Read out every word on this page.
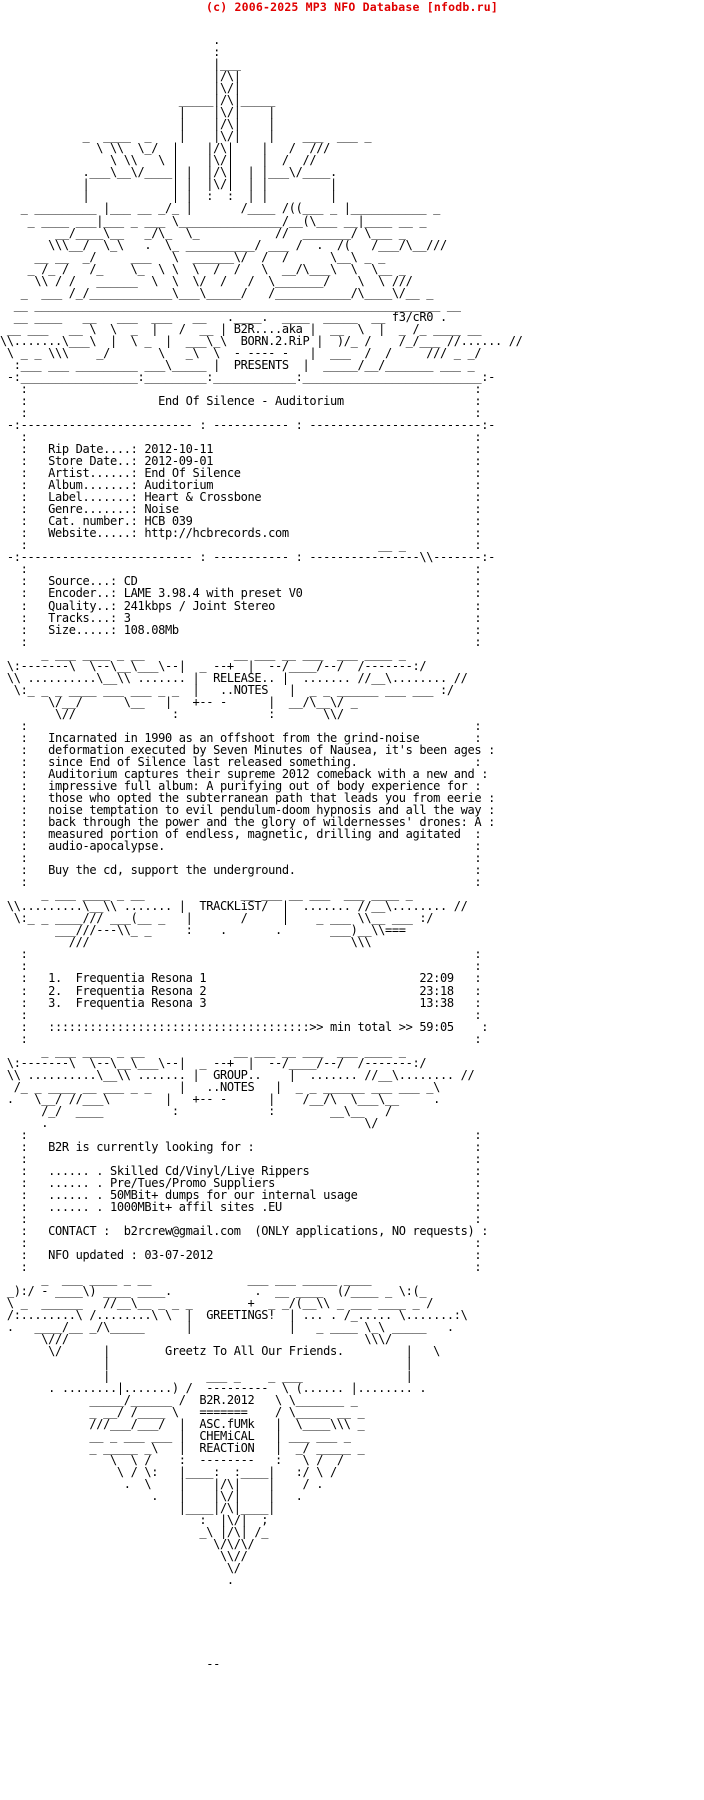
(c) 2006-2025 MP3 NFO Database [nfodb.ru]

.
:
|___
|/\|
|\/|
_____|/\|_____
|    |\/|    |
|    |/\|    |
_  ____  _    |    |\/|    |    ___  ___ _
\ \\  \_/  |    |/\|    |   /  ///
\ \\   \ |    |\/|    |  /  //
.___\__\/____| |  |/\|  | |___\/____.
|            | |  |\/|  | |         |
|            | |  :  :  | |         |
_ _________ |___ __ _/_ |       /____ /((___ _ |___________ _
_ ____ ___|___ _ ___ \_______________/__(\___ __|____ __ _
__/____\__   _/\_  \_           //  _______/ \___ _
\\\__/  \_\   .  \_ __________/ ___ /  .  /(   /___/\__///
__ __  _/     ___   \  ______\/  /  /      \__\ _ _
_ /_ /   /_    \_  \ \  \  /  /   \  __/\___\  \  \__ _
\\ / /   ______  \  \  \/  /   /  \_______/    \  \ ///
_  ___ /_/____________\___\_____/   /___________/\____\/__ _
__ ___________________________________________________________ __
__ ____   __   ___  ___   __   .____.  ____  _____  __ f3/cR0 .
__ ___   __ \  \  _  |   /  __ | B2R....aka |  __  \  |  _ /_ ____ __
\\.......\___\  |  \ _  |  ___\_\  BORN.2.RiP |  )/_ /    /_/___ //...... //
\ _ _ \\\    _/       \   _\  \  - ---- -   |  ___  /  /     /// _ _/
:___ ___ _________ ___\_____ |  PRESENTS  |  _____/__/_______ ___ _
-:_________________:_________:____________:__________________________:-
:                                                                 :
:                   End Of Silence - Auditorium                   :
:                                                                 :
-:------------------------- : ----------- : -------------------------:-
:                                                                 :
:   Rip Date....: 2012-10-11                                      :
:   Store Date..: 2012-09-01                                      :
:   Artist......: End Of Silence                                  :
:   Album.......: Auditorium                                      :
:   Label.......: Heart & Crossbone                               :
:   Genre.......: Noise                                           :
:   Cat. number.: HCB 039                                         :
:   Website.....: http://hcbrecords.com                           :
:                                                   __ _          :
-:------------------------- : ----------- : ----------------\\-------:-
:                                                                 :
:   Source...: CD                                                 :
:   Encoder..: LAME 3.98.4 with preset V0                         :
:   Quality..: 241kbps / Joint Stereo                             :
:   Tracks...: 3                                                  :
:   Size.....: 108.08Mb                                           :
:                                                                 :
_ ___ ____ _ __             __ ___ __ ___  ___ ____ _
\:-------\  \--\__\___\--|  _ --+  |  --/____/--/  /-------:/
\\ ..........\__\\ ....... |  RELEASE.. |  ....... //__\........ //
\:_ _ _ ____ ___ ___ _ _  |   ..NOTES   |  _ _ ______ ___ ___ :/
\/__/      \__   |   +-- -      |  __/\__\/ _
\//              :             :       \\/
:                                                                 :
:   Incarnated in 1990 as an offshoot from the grind-noise        :
:   deformation executed by Seven Minutes of Nausea, it's been ages :
:   since End of Silence last released something.                 :
:   Auditorium captures their supreme 2012 comeback with a new and :
:   impressive full album: A purifying out of body experience for :
:   those who opted the subterranean path that leads you from eerie :
:   noise temptation to evil pendulum-doom hypnosis and all the way :
:   back through the power and the glory of wildernesses' drones: A :
:   measured portion of endless, magnetic, drilling and agitated  :
:   audio-apocalypse.                                             :
:                                                                 :
:   Buy the cd, support the underground.                          :
:                                                                 :
_ ___ ____ _ __              __ ___ __ ___  ___ ____ _
\\.........\__\\ ....... |  TRACKLiST/  |  ....... //__\........ //
\:_ _ ____/// ___(__ _   |       /     |    _ ___ \\__ ___ :/
___///---\\_ _     :    .       .       ___)__\\===
///                                      \\\
:                                                                 :
:                                                                 :
:   1.  Frequentia Resona 1                               22:09   :
:   2.  Frequentia Resona 2                               23:18   :
:   3.  Frequentia Resona 3                               13:38   :
:                                                                 :
:   ::::::::::::::::::::::::::::::::::::::>> min total >> 59:05    :
:                                                                 :
_ ___ ____ _ __             __ ___ __ ___  ___ ____ _
\:-------\  \--\__\___\--|  _ --+  |  --/____/--/  /-------:/
\\ ..........\__\\ ....... |  GROUP..    |  ....... //__\........ //
/_ _ ____ __ ___ _ _    |   ..NOTES   |  _ _ ______ ___ ___ _\
.   \__/ //___\        |   +-- -      |    /__/\  \___\__     .
/_/  ____          :             :        __\__   /
.                                              \/
:                                                                 :
:   B2R is currently looking for :                                :
:                                                                 :
:   ...... . Skilled Cd/Vinyl/Live Rippers                        :
:   ...... . Pre/Tues/Promo Suppliers                             :
:   ...... . 50MBit+ dumps for our internal usage                 :
:   ...... . 1000MBit+ affil sites .EU                            :
:                                                                 :
:   CONTACT :  b2rcrew@gmail.com  (ONLY applications, NO requests) :
:                                                                 :
:   NFO updated : 03-07-2012                                      :
:                                                                 :
_  ___ ____ _ __              ___ ___ _____ ____
_):/ - ____\) ____ ____.            .  __ ____  (/____ _ \:(_
\ _  ______   //__\__ _ _ _        +  _ _/(__\\ _ ___ ____ _ /
/:........\ /........\ \  |  GREETINGS!  | ... . /_..... \.......:\
.   ____/__ _/\_____      |              |   _ ____ \_\ _____   .
\///                                           \\\/
\/      |        Greetz To All Our Friends.         |   \
|                                           |
|              ___ _    _ ___               |
. ........|.......) /  ---------  \ (...... |........ .
_____/______ /  B2R.2012   \ \_______ _
_ __/ /____ \   =======    / \_____ __ _
///___/___/  |  ASC.fUMk   |  \____\\\ _
__ _ ___ ___ |  CHEMiCAL   | ___ ___ _
_ _____ _\   |  REACTiON   |  _/ _____ _
\  \ /    :  --------   :   \ /  /
\ / \:   |____:  :____|   :/ \ /
.  \    |    |/\|    |    / .
.   |    |\/|    |   .
|____|/\|____|
:  |\/|  ;
_\ |/\| /_
\/\/\/
\\//
\/
.

--
